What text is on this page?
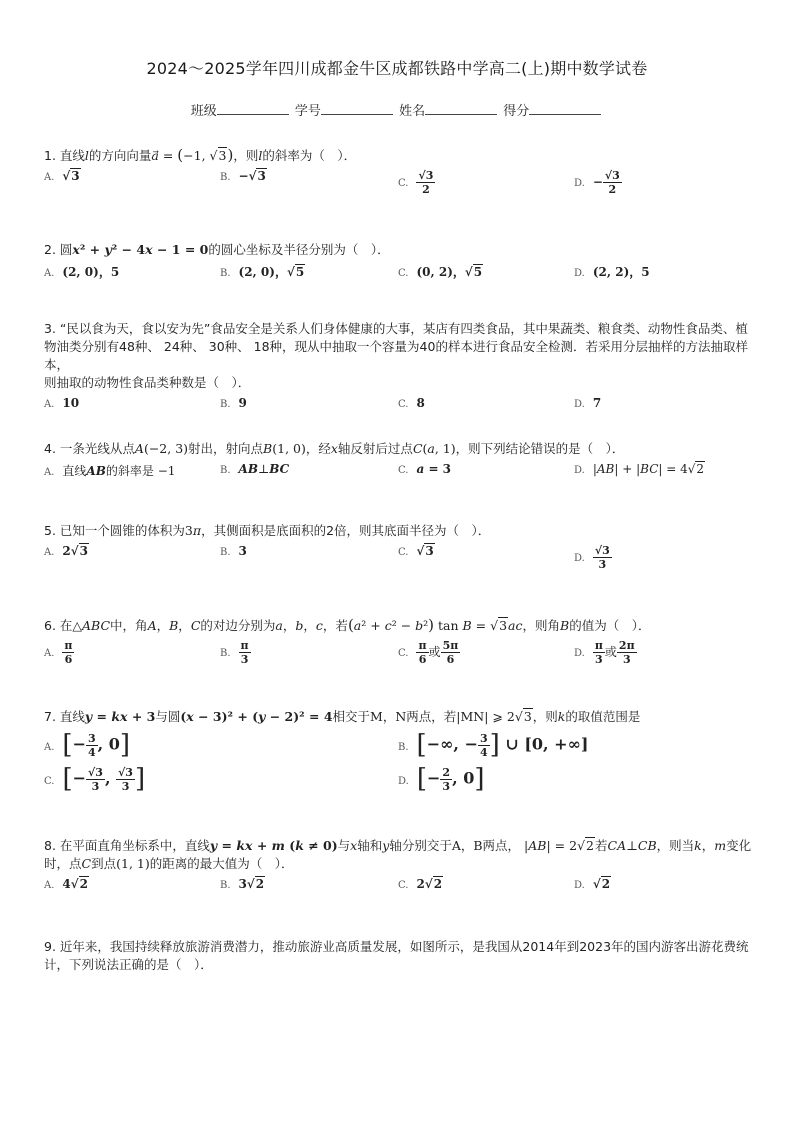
2024～2025学年四川成都金牛区成都铁路中学高二(上)期中数学试卷
班级	学号	姓名	得分
1. 直线l的方向向量a⃗ = (−1, √3)，则l的斜率为（　）．
A. √3	B. −√3
C. $\frac{√3}{2}$	D. − $\frac{√3}{2}$
2. 圆x² + y² − 4x − 1 = 0的圆心坐标及半径分别为（　）．
A. (2, 0)，5	B. (2, 0)，√5	C. (0, 2)，√5	D. (2, 2)，5
3. “民以食为天，食以安为先”食品安全是关系人们身体健康的大事，某店有四类食品，其中果蔬类、粮食类、动物性食品类、植
物油类分别有48种、 24种、 30种、 18种，现从中抽取一个容量为40的样本进行食品安全检测．若采用分层抽样的方法抽取样本，
则抽取的动物性食品类种数是（　）．
A. 10	B. 9	C. 8	D. 7
4. 一条光线从点A(−2, 3)射出，射向点B(1, 0)，经x轴反射后过点C(a, 1)，则下列结论错误的是（　）．
A. 直线AB的斜率是 −1	B. AB⊥BC	C. a = 3	D. |AB| + |BC| = 4√2
5. 已知一个圆锥的体积为3π，其侧面积是底面积的2倍，则其底面半径为（　）．
A. 2√3	B. 3	C. √3
D. $\frac{√3}{3}$
6. 在△ABC中，角A，B，C的对边分别为a，b，c，若(a² + c² − b²) tan B = √3ac，则角B的值为（　）．
A. $\frac{\pi}{6}$	B. $\frac{\pi}{3}$	C. $\frac{\pi}{6}$ 或 $\frac{5\pi}{6}$	D. $\frac{\pi}{3}$ 或 $\frac{2\pi}{3}$
7. 直线y = kx + 3与圆(x − 3)² + (y − 2)² = 4相交于M，N两点，若|MN| ⩾ 2√3，则k的取值范围是
A. [− $\frac{3}{4}$ , 0]	B. [−∞, − $\frac{3}{4}$ ] ∪ [0, +∞]
C. [− $\frac{√3}{3}$ , $\frac{√3}{3}$ ]	D. [− $\frac{2}{3}$ , 0]
8. 在平面直角坐标系中，直线y = kx + m (k ≠ 0)与x轴和y轴分别交于A，B两点， |AB| = 2√2若CA⊥CB，则当k，m变化
时，点C到点(1, 1)的距离的最大值为（　）．
A. 4√2	B. 3√2	C. 2√2	D. √2
9. 近年来，我国持续释放旅游消费潜力，推动旅游业高质量发展，如图所示，是我国从2014年到2023年的国内游客出游花费统
计，下列说法正确的是（　）．
